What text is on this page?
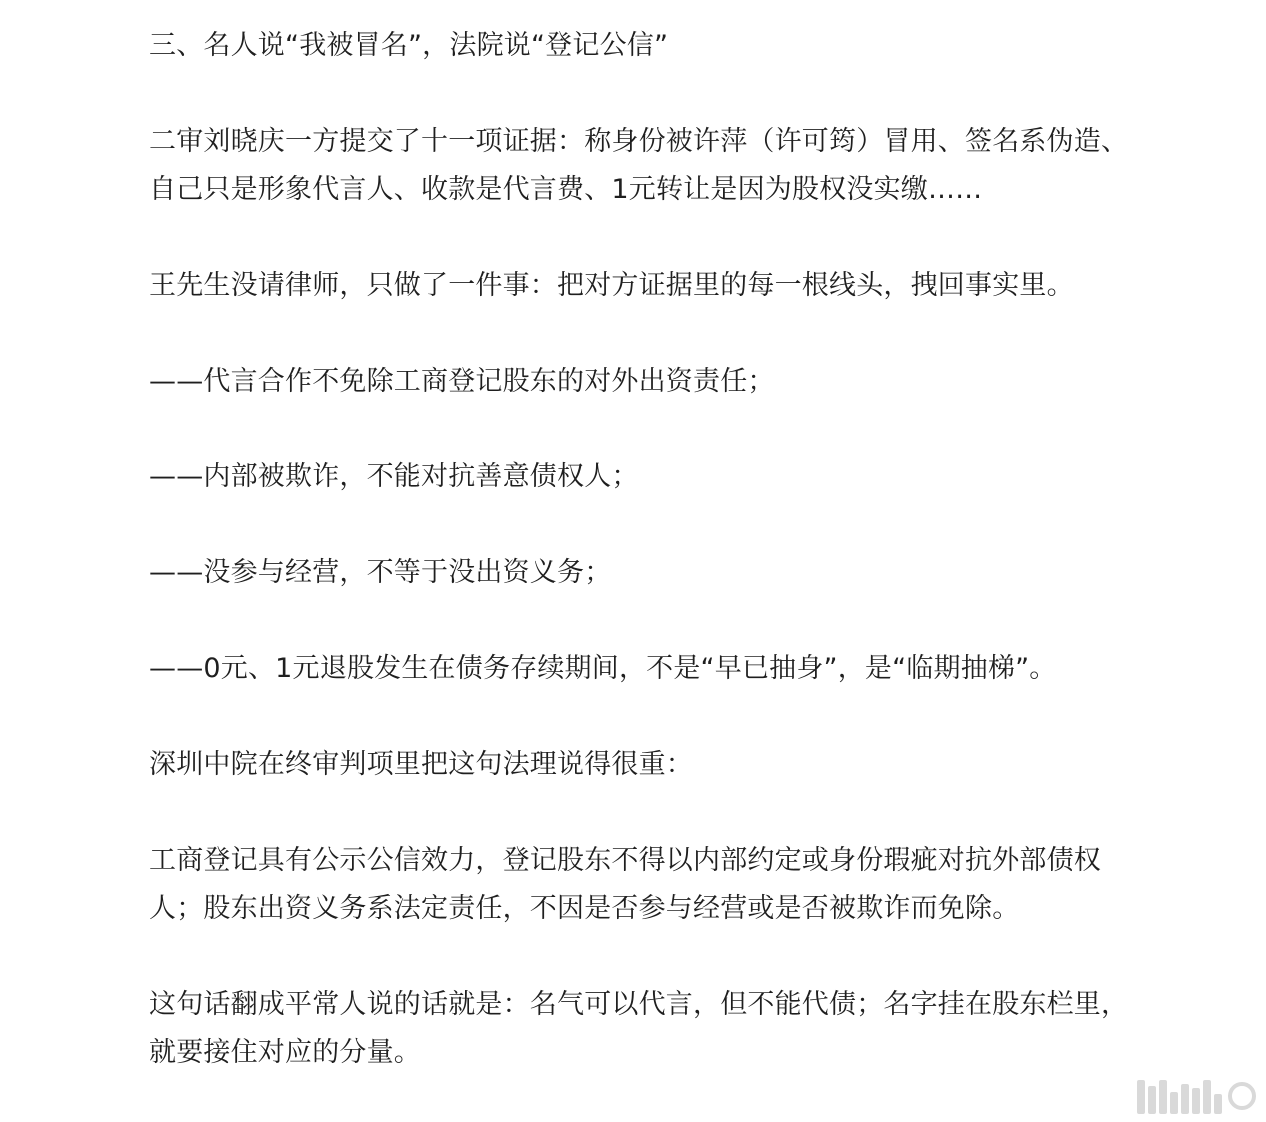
三、名人说“我被冒名”，法院说“登记公信”

二审刘晓庆一方提交了十一项证据：称身份被许萍（许可筠）冒用、签名系伪造、

自己只是形象代言人、收款是代言费、1元转让是因为股权没实缴……

王先生没请律师，只做了一件事：把对方证据里的每一根线头，拽回事实里。

——代言合作不免除工商登记股东的对外出资责任；

——内部被欺诈，不能对抗善意债权人；

——没参与经营，不等于没出资义务；

——0元、1元退股发生在债务存续期间，不是“早已抽身”，是“临期抽梯”。

深圳中院在终审判项里把这句法理说得很重：

工商登记具有公示公信效力，登记股东不得以内部约定或身份瑕疵对抗外部债权

人；股东出资义务系法定责任，不因是否参与经营或是否被欺诈而免除。

这句话翻成平常人说的话就是：名气可以代言，但不能代债；名字挂在股东栏里，

就要接住对应的分量。
